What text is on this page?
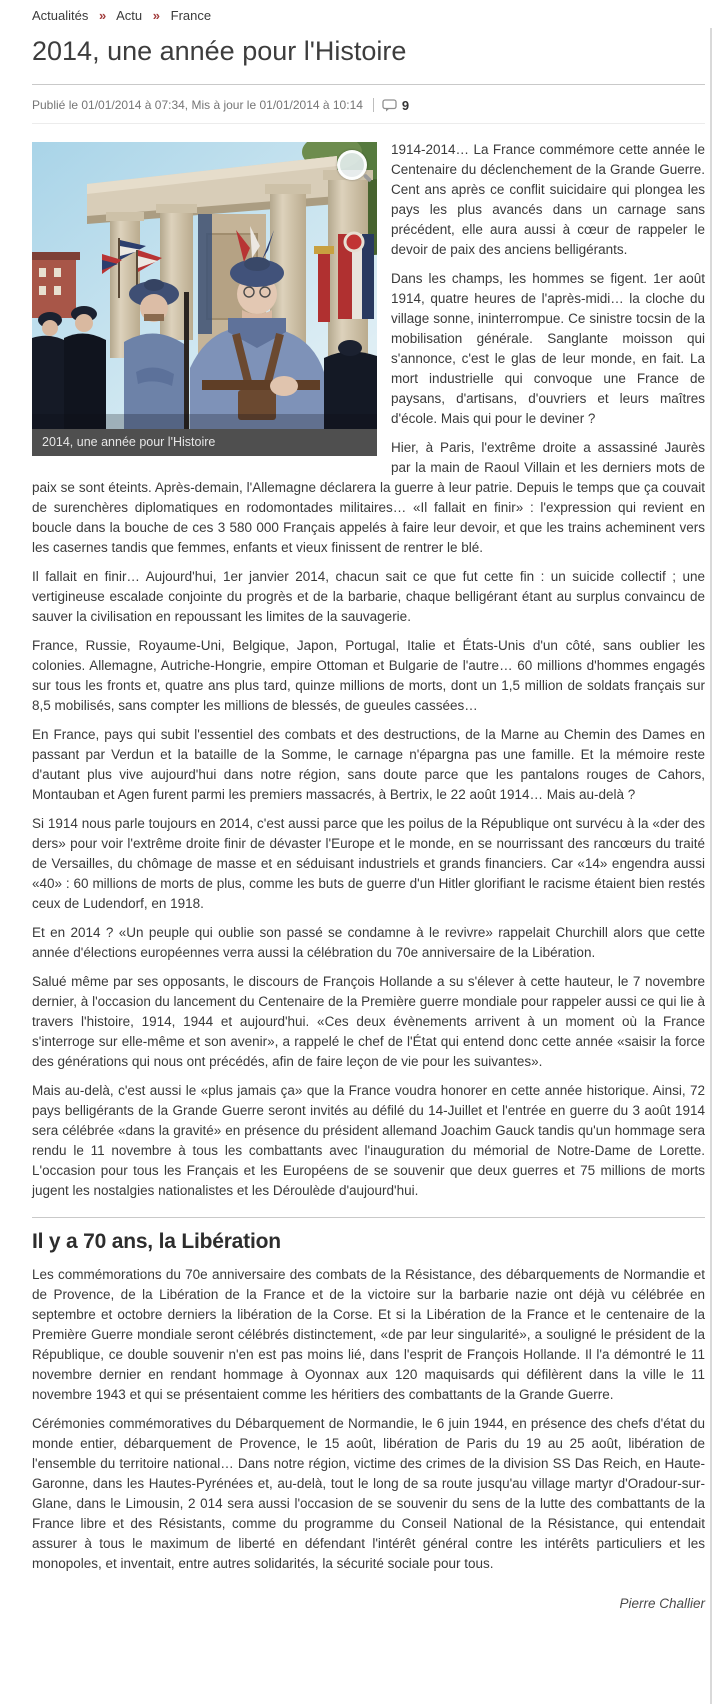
Actualités » Actu » France
2014, une année pour l'Histoire
Publié le 01/01/2014 à 07:34, Mis à jour le 01/01/2014 à 10:14	9
2014, une année pour l'Histoire

1914-2014… La France commémore cette année le Centenaire du déclenchement de la Grande Guerre. Cent ans après ce conflit suicidaire qui plongea les pays les plus avancés dans un carnage sans précédent, elle aura aussi à cœur de rappeler le devoir de paix des anciens belligérants.

Dans les champs, les hommes se figent. 1er août 1914, quatre heures de l'après-midi… la cloche du village sonne, ininterrompue. Ce sinistre tocsin de la mobilisation générale. Sanglante moisson qui s'annonce, c'est le glas de leur monde, en fait. La mort industrielle qui convoque une France de paysans, d'artisans, d'ouvriers et leurs maîtres d'école. Mais qui pour le deviner ?

Hier, à Paris, l'extrême droite a assassiné Jaurès par la main de Raoul Villain et les derniers mots de paix se sont éteints. Après-demain, l'Allemagne déclarera la guerre à leur patrie. Depuis le temps que ça couvait de surenchères diplomatiques en rodomontades militaires… «Il fallait en finir» : l'expression qui revient en boucle dans la bouche de ces 3 580 000 Français appelés à faire leur devoir, et que les trains acheminent vers les casernes tandis que femmes, enfants et vieux finissent de rentrer le blé.

Il fallait en finir… Aujourd'hui, 1er janvier 2014, chacun sait ce que fut cette fin : un suicide collectif ; une vertigineuse escalade conjointe du progrès et de la barbarie, chaque belligérant étant au surplus convaincu de sauver la civilisation en repoussant les limites de la sauvagerie.

France, Russie, Royaume-Uni, Belgique, Japon, Portugal, Italie et États-Unis d'un côté, sans oublier les colonies. Allemagne, Autriche-Hongrie, empire Ottoman et Bulgarie de l'autre… 60 millions d'hommes engagés sur tous les fronts et, quatre ans plus tard, quinze millions de morts, dont un 1,5 million de soldats français sur 8,5 mobilisés, sans compter les millions de blessés, de gueules cassées…

En France, pays qui subit l'essentiel des combats et des destructions, de la Marne au Chemin des Dames en passant par Verdun et la bataille de la Somme, le carnage n'épargna pas une famille. Et la mémoire reste d'autant plus vive aujourd'hui dans notre région, sans doute parce que les pantalons rouges de Cahors, Montauban et Agen furent parmi les premiers massacrés, à Bertrix, le 22 août 1914… Mais au-delà ?

Si 1914 nous parle toujours en 2014, c'est aussi parce que les poilus de la République ont survécu à la «der des ders» pour voir l'extrême droite finir de dévaster l'Europe et le monde, en se nourrissant des rancœurs du traité de Versailles, du chômage de masse et en séduisant industriels et grands financiers. Car «14» engendra aussi «40» : 60 millions de morts de plus, comme les buts de guerre d'un Hitler glorifiant le racisme étaient bien restés ceux de Ludendorf, en 1918.

Et en 2014 ? «Un peuple qui oublie son passé se condamne à le revivre» rappelait Churchill alors que cette année d'élections européennes verra aussi la célébration du 70e anniversaire de la Libération.

Salué même par ses opposants, le discours de François Hollande a su s'élever à cette hauteur, le 7 novembre dernier, à l'occasion du lancement du Centenaire de la Première guerre mondiale pour rappeler aussi ce qui lie à travers l'histoire, 1914, 1944 et aujourd'hui. «Ces deux évènements arrivent à un moment où la France s'interroge sur elle-même et son avenir», a rappelé le chef de l'État qui entend donc cette année «saisir la force des générations qui nous ont précédés, afin de faire leçon de vie pour les suivantes».

Mais au-delà, c'est aussi le «plus jamais ça» que la France voudra honorer en cette année historique. Ainsi, 72 pays belligérants de la Grande Guerre seront invités au défilé du 14-Juillet et l'entrée en guerre du 3 août 1914 sera célébrée «dans la gravité» en présence du président allemand Joachim Gauck tandis qu'un hommage sera rendu le 11 novembre à tous les combattants avec l'inauguration du mémorial de Notre-Dame de Lorette. L'occasion pour tous les Français et les Européens de se souvenir que deux guerres et 75 millions de morts jugent les nostalgies nationalistes et les Déroulède d'aujourd'hui.

Il y a 70 ans, la Libération

Les commémorations du 70e anniversaire des combats de la Résistance, des débarquements de Normandie et de Provence, de la Libération de la France et de la victoire sur la barbarie nazie ont déjà vu célébrée en septembre et octobre derniers la libération de la Corse. Et si la Libération de la France et le centenaire de la Première Guerre mondiale seront célébrés distinctement, «de par leur singularité», a souligné le président de la République, ce double souvenir n'en est pas moins lié, dans l'esprit de François Hollande. Il l'a démontré le 11 novembre dernier en rendant hommage à Oyonnax aux 120 maquisards qui défilèrent dans la ville le 11 novembre 1943 et qui se présentaient comme les héritiers des combattants de la Grande Guerre.

Cérémonies commémoratives du Débarquement de Normandie, le 6 juin 1944, en présence des chefs d'état du monde entier, débarquement de Provence, le 15 août, libération de Paris du 19 au 25 août, libération de l'ensemble du territoire national… Dans notre région, victime des crimes de la division SS Das Reich, en Haute-Garonne, dans les Hautes-Pyrénées et, au-delà, tout le long de sa route jusqu'au village martyr d'Oradour-sur-Glane, dans le Limousin, 2 014 sera aussi l'occasion de se souvenir du sens de la lutte des combattants de la France libre et des Résistants, comme du programme du Conseil National de la Résistance, qui entendait assurer à tous le maximum de liberté en défendant l'intérêt général contre les intérêts particuliers et les monopoles, et inventait, entre autres solidarités, la sécurité sociale pour tous.

Pierre Challier
